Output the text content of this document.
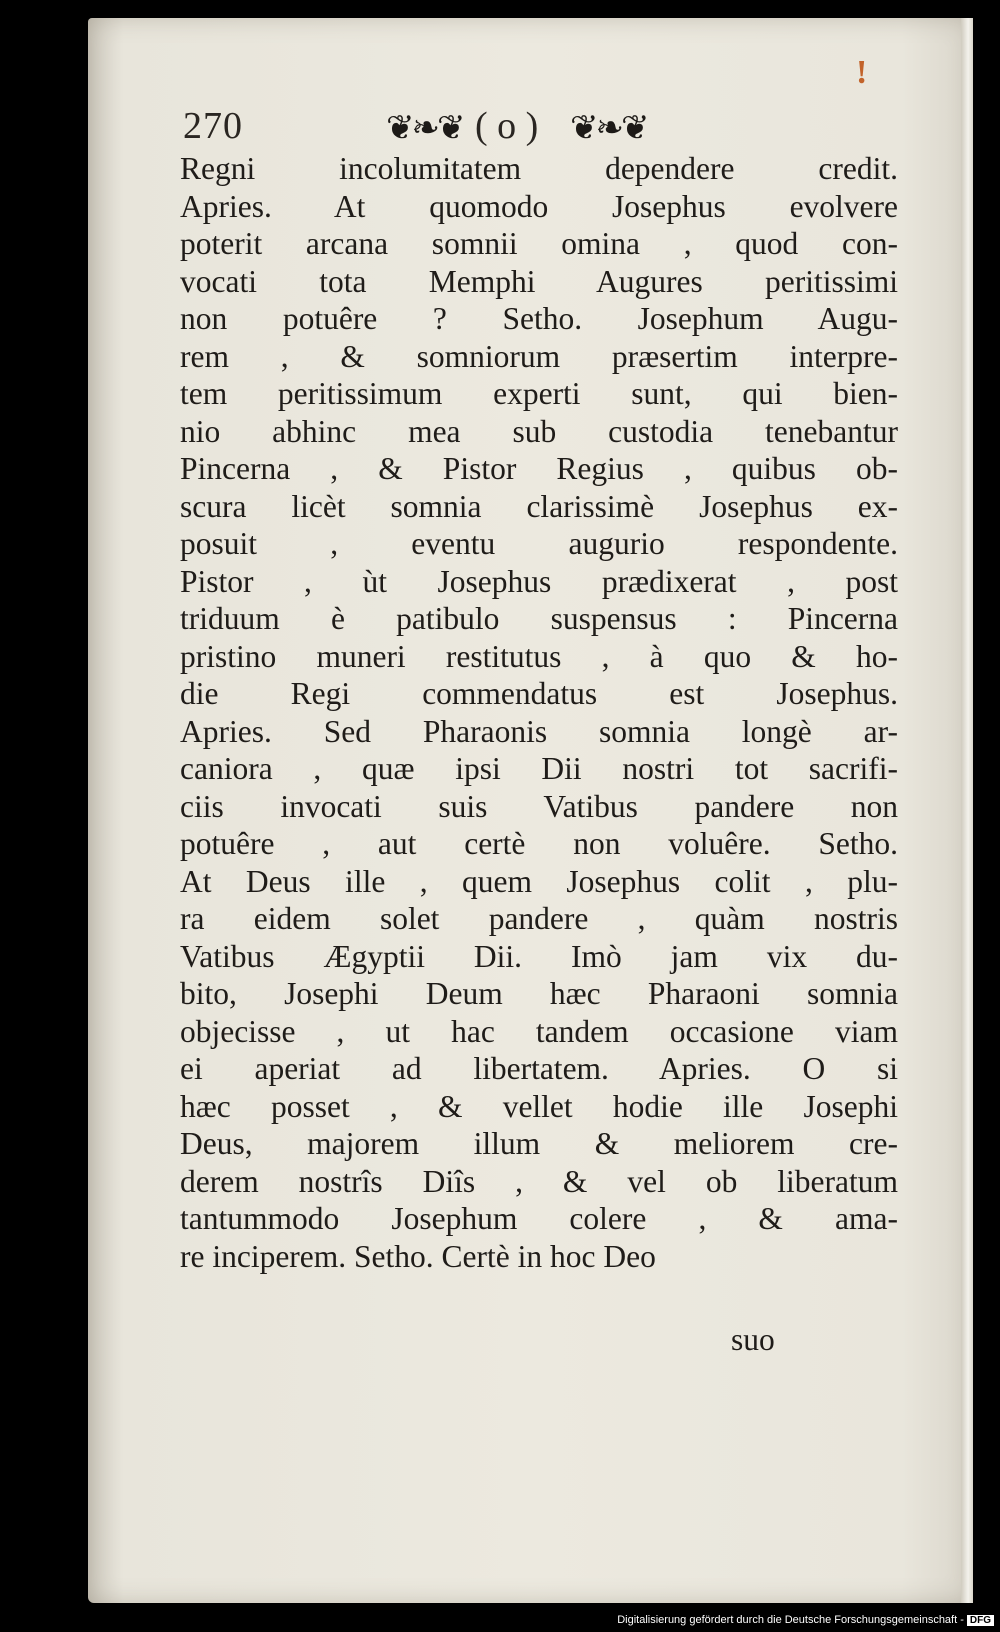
!
270	❦❧❦ ( o ) ❦❧❦
Regni incolumitatem dependere credit.
Apries. At quomodo Josephus evolvere
poterit arcana somnii omina , quod con-
vocati tota Memphi Augures peritissimi
non potuêre ? Setho. Josephum Augu-
rem , & somniorum præsertim interpre-
tem peritissimum experti sunt, qui bien-
nio abhinc mea sub custodia tenebantur
Pincerna , & Pistor Regius , quibus ob-
scura licèt somnia clarissimè Josephus ex-
posuit , eventu augurio respondente.
Pistor , ùt Josephus prædixerat , post
triduum è patibulo suspensus : Pincerna
pristino muneri restitutus , à quo & ho-
die Regi commendatus est Josephus.
Apries. Sed Pharaonis somnia longè ar-
caniora , quæ ipsi Dii nostri tot sacrifi-
ciis invocati suis Vatibus pandere non
potuêre , aut certè non voluêre. Setho.
At Deus ille , quem Josephus colit , plu-
ra eidem solet pandere , quàm nostris
Vatibus Ægyptii Dii. Imò jam vix du-
bito, Josephi Deum hæc Pharaoni somnia
objecisse , ut hac tandem occasione viam
ei aperiat ad libertatem. Apries. O si
hæc posset , & vellet hodie ille Josephi
Deus, majorem illum & meliorem cre-
derem nostrîs Diîs , & vel ob liberatum
tantummodo Josephum colere , & ama-
re inciperem. Setho. Certè in hoc Deo
suo
Digitalisierung gefördert durch die Deutsche Forschungsgemeinschaft - DFG
